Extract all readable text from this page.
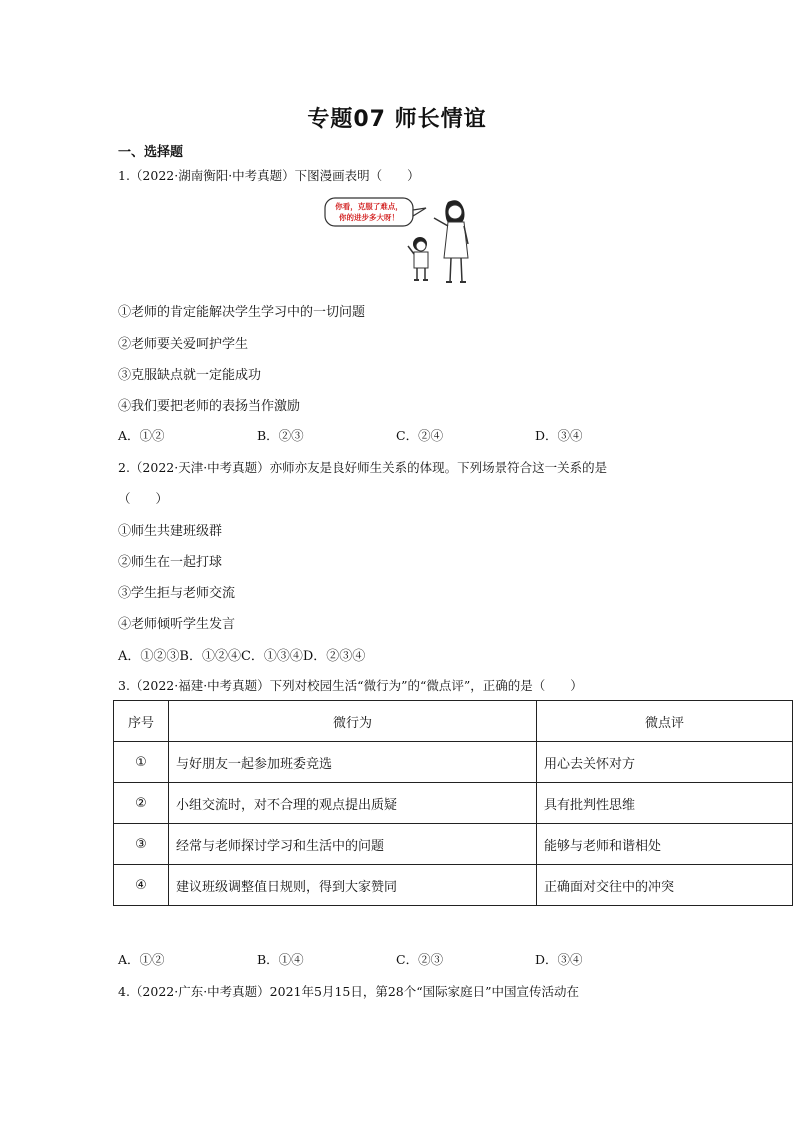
专题07 师长情谊
一、选择题
1.（2022·湖南衡阳·中考真题）下图漫画表明（　　）
你看，克服了难点，
你的进步多大呀！
①老师的肯定能解决学生学习中的一切问题
②老师要关爱呵护学生
③克服缺点就一定能成功
④我们要把老师的表扬当作激励
A．①②	B．②③	C．②④	D．③④
2.（2022·天津·中考真题）亦师亦友是良好师生关系的体现。下列场景符合这一关系的是
（　　）
①师生共建班级群
②师生在一起打球
③学生拒与老师交流
④老师倾听学生发言
A．①②③B．①②④C．①③④D．②③④
3.（2022·福建·中考真题）下列对校园生活“微行为”的“微点评”，正确的是（　　）
序号	微行为	微点评
①	与好朋友一起参加班委竞选	用心去关怀对方
②	小组交流时，对不合理的观点提出质疑	具有批判性思维
③	经常与老师探讨学习和生活中的问题	能够与老师和谐相处
④	建议班级调整值日规则，得到大家赞同	正确面对交往中的冲突
A．①②	B．①④	C．②③	D．③④
4.（2022·广东·中考真题）2021年5月15日，第28个“国际家庭日”中国宣传活动在
